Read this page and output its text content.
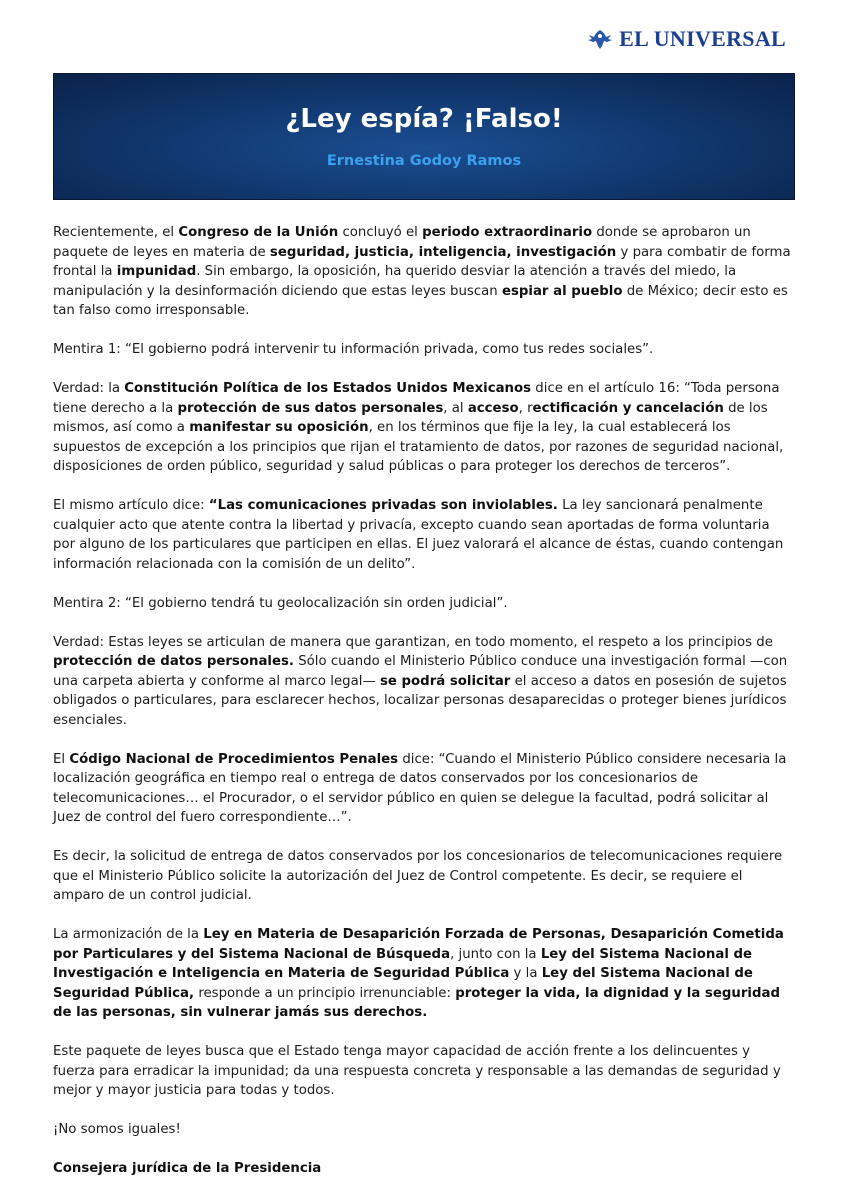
EL UNIVERSAL
¿Ley espía? ¡Falso!
Ernestina Godoy Ramos

Recientemente, el Congreso de la Unión concluyó el periodo extraordinario donde se aprobaron un paquete de leyes en materia de seguridad, justicia, inteligencia, investigación y para combatir de forma frontal la impunidad. Sin embargo, la oposición, ha querido desviar la atención a través del miedo, la manipulación y la desinformación diciendo que estas leyes buscan espiar al pueblo de México; decir esto es tan falso como irresponsable.

Mentira 1: “El gobierno podrá intervenir tu información privada, como tus redes sociales”.

Verdad: la Constitución Política de los Estados Unidos Mexicanos dice en el artículo 16: “Toda persona tiene derecho a la protección de sus datos personales, al acceso, rectificación y cancelación de los mismos, así como a manifestar su oposición, en los términos que fije la ley, la cual establecerá los supuestos de excepción a los principios que rijan el tratamiento de datos, por razones de seguridad nacional, disposiciones de orden público, seguridad y salud públicas o para proteger los derechos de terceros”.

El mismo artículo dice: “Las comunicaciones privadas son inviolables. La ley sancionará penalmente cualquier acto que atente contra la libertad y privacía, excepto cuando sean aportadas de forma voluntaria por alguno de los particulares que participen en ellas. El juez valorará el alcance de éstas, cuando contengan información relacionada con la comisión de un delito”.

Mentira 2: “El gobierno tendrá tu geolocalización sin orden judicial”.

Verdad: Estas leyes se articulan de manera que garantizan, en todo momento, el respeto a los principios de protección de datos personales. Sólo cuando el Ministerio Público conduce una investigación formal —con una carpeta abierta y conforme al marco legal— se podrá solicitar el acceso a datos en posesión de sujetos obligados o particulares, para esclarecer hechos, localizar personas desaparecidas o proteger bienes jurídicos esenciales.

El Código Nacional de Procedimientos Penales dice: “Cuando el Ministerio Público considere necesaria la localización geográfica en tiempo real o entrega de datos conservados por los concesionarios de telecomunicaciones… el Procurador, o el servidor público en quien se delegue la facultad, podrá solicitar al Juez de control del fuero correspondiente…”.

Es decir, la solicitud de entrega de datos conservados por los concesionarios de telecomunicaciones requiere que el Ministerio Público solicite la autorización del Juez de Control competente. Es decir, se requiere el amparo de un control judicial.

La armonización de la Ley en Materia de Desaparición Forzada de Personas, Desaparición Cometida por Particulares y del Sistema Nacional de Búsqueda, junto con la Ley del Sistema Nacional de Investigación e Inteligencia en Materia de Seguridad Pública y la Ley del Sistema Nacional de Seguridad Pública, responde a un principio irrenunciable: proteger la vida, la dignidad y la seguridad de las personas, sin vulnerar jamás sus derechos.

Este paquete de leyes busca que el Estado tenga mayor capacidad de acción frente a los delincuentes y fuerza para erradicar la impunidad; da una respuesta concreta y responsable a las demandas de seguridad y mejor y mayor justicia para todas y todos.

¡No somos iguales!

Consejera jurídica de la Presidencia
